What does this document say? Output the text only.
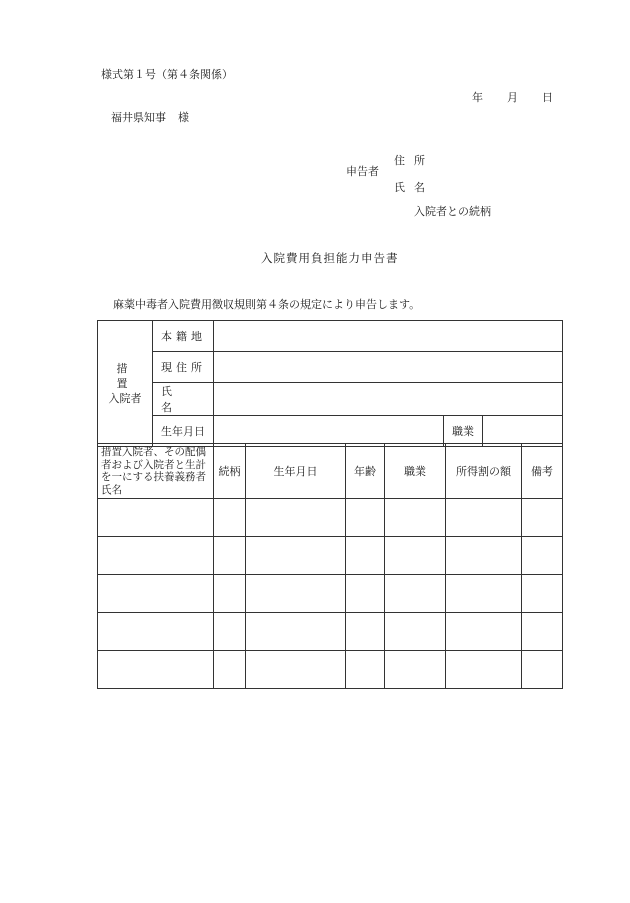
様式第１号（第４条関係）
年 月 日
福井県知事 様
申告者
住所
氏名
入院者との続柄
入院費用負担能力申告書
麻薬中毒者入院費用徴収規則第４条の規定により申告します。
措置
入院者	本籍地			
	現住所			
	氏名			
	生年月日		職業	
措置入院者、その配偶者および入院者と生計を一にする扶養義務者氏名	続柄	生年月日	年齢	職業	所得割の額	備考
